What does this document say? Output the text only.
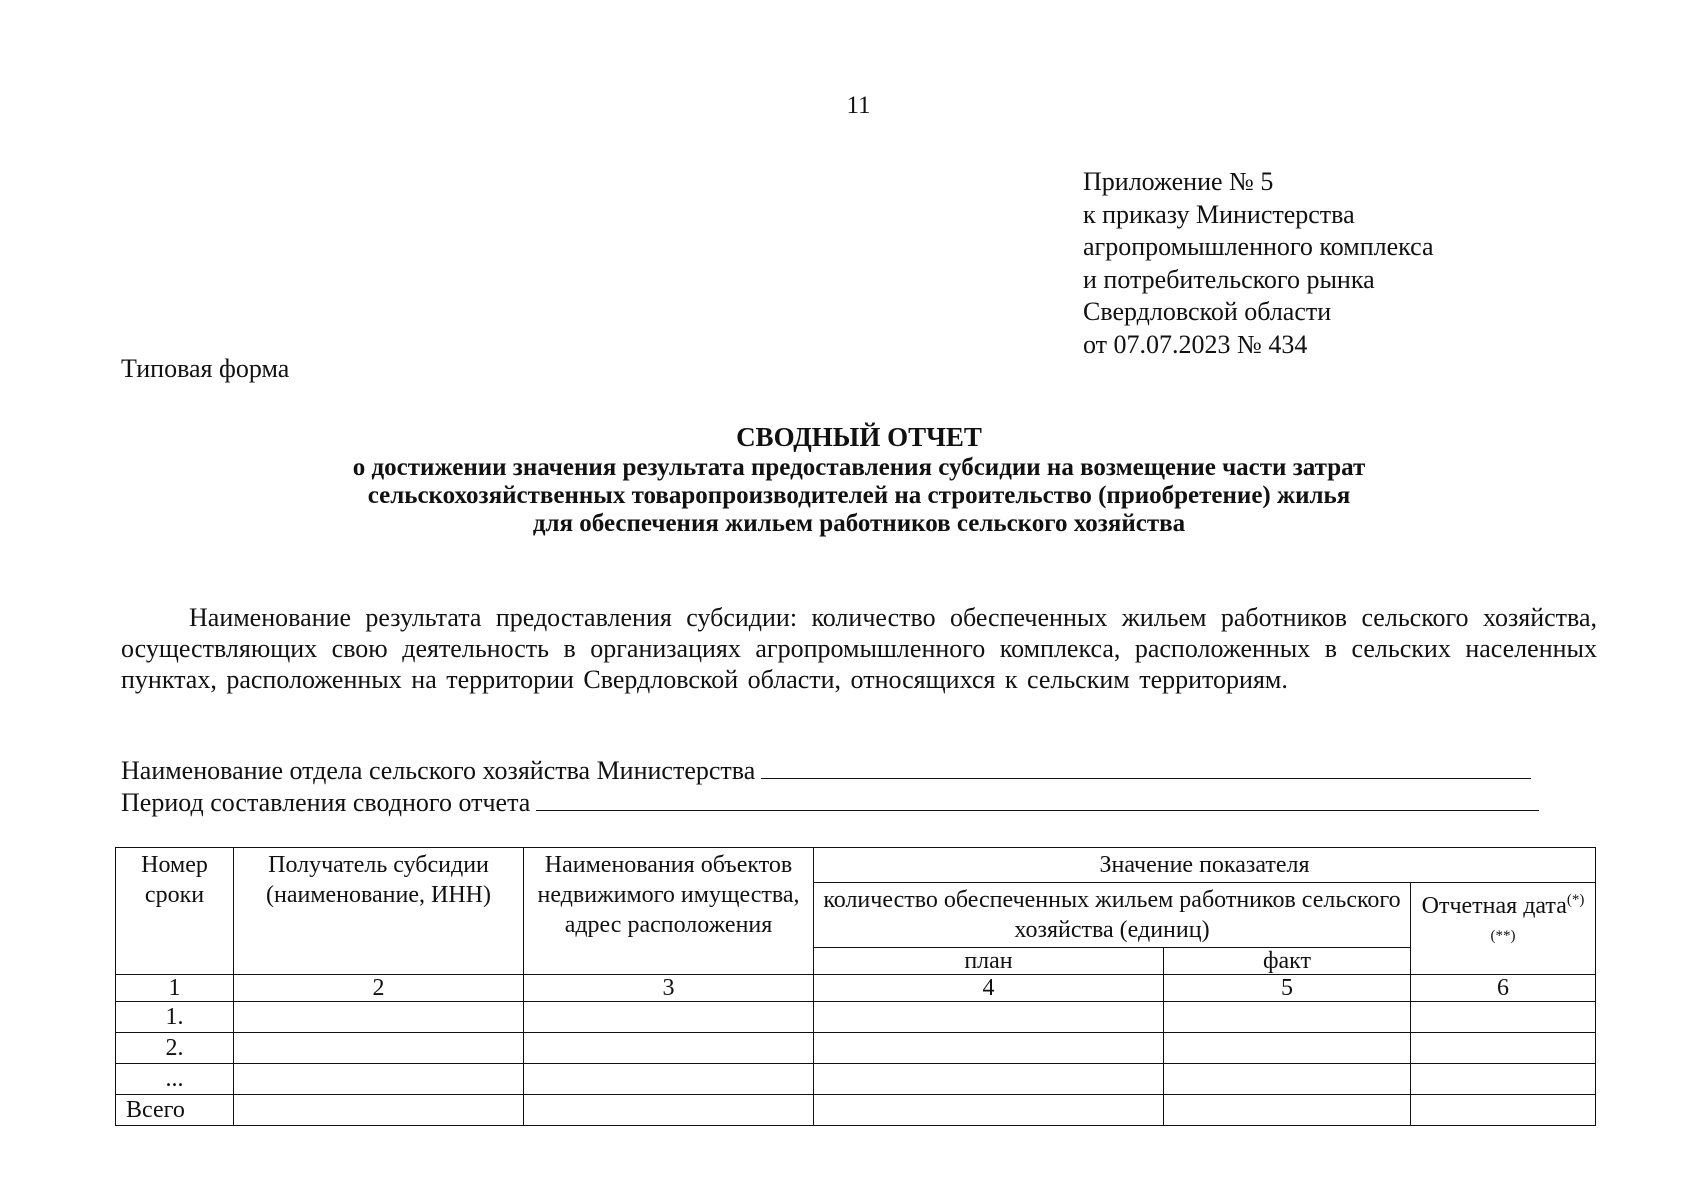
11
Приложение № 5
к приказу Министерства
агропромышленного комплекса
и потребительского рынка
Свердловской области
от 07.07.2023 № 434
Типовая форма
СВОДНЫЙ ОТЧЕТ
о достижении значения результата предоставления субсидии на возмещение части затрат
сельскохозяйственных товаропроизводителей на строительство (приобретение) жилья
для обеспечения жильем работников сельского хозяйства
Наименование результата предоставления субсидии: количество обеспеченных жильем работников сельского хозяйства, осуществляющих свою деятельность в организациях агропромышленного комплекса, расположенных в сельских населенных пунктах, расположенных на территории Свердловской области, относящихся к сельским территориям.
Наименование отдела сельского хозяйства Министерства
Период составления сводного отчета
Номер сроки	Получатель субсидии (наименование, ИНН)	Наименования объектов недвижимого имущества, адрес расположения	Значение показателя		
			количество обеспеченных жильем работников сельского хозяйства (единиц)		Отчетная дата(*) (**)
			план	факт	
1	2	3	4	5	6
1.					
2.					
...					
Всего					
